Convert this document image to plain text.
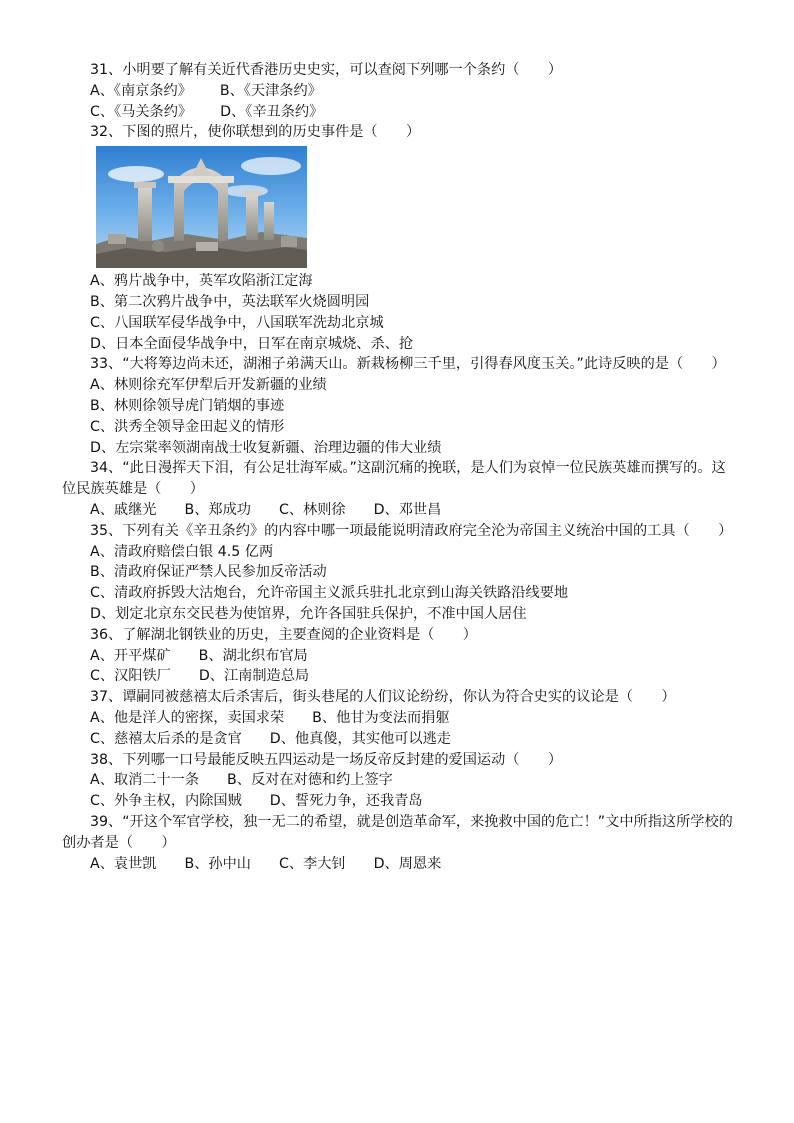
31、小明要了解有关近代香港历史史实，可以查阅下列哪一个条约（　　）
A、《南京条约》 B、《天津条约》
C、《马关条约》 D、《辛丑条约》
32、下图的照片，使你联想到的历史事件是（　　）
A、鸦片战争中，英军攻陷浙江定海
B、第二次鸦片战争中，英法联军火烧圆明园
C、八国联军侵华战争中，八国联军洗劫北京城
D、日本全面侵华战争中，日军在南京城烧、杀、抢
33、“大将筹边尚未还，湖湘子弟满天山。新栽杨柳三千里，引得春风度玉关。”此诗反映的是（　　）
A、林则徐充军伊犁后开发新疆的业绩
B、林则徐领导虎门销烟的事迹
C、洪秀全领导金田起义的情形
D、左宗棠率领湖南战士收复新疆、治理边疆的伟大业绩
34、“此日漫挥天下泪，有公足壮海军威。”这副沉痛的挽联，是人们为哀悼一位民族英雄而撰写的。这位民族英雄是（　　）
A、戚继光 B、郑成功 C、林则徐 D、邓世昌
35、下列有关《辛丑条约》的内容中哪一项最能说明清政府完全沦为帝国主义统治中国的工具（　　）
A、清政府赔偿白银 4.5 亿两
B、清政府保证严禁人民参加反帝活动
C、清政府拆毁大沽炮台，允许帝国主义派兵驻扎北京到山海关铁路沿线要地
D、划定北京东交民巷为使馆界，允许各国驻兵保护，不准中国人居住
36、了解湖北钢铁业的历史，主要查阅的企业资料是（　　）
A、开平煤矿 B、湖北织布官局
C、汉阳铁厂 D、江南制造总局
37、谭嗣同被慈禧太后杀害后，街头巷尾的人们议论纷纷，你认为符合史实的议论是（　　）
A、他是洋人的密探，卖国求荣 B、他甘为变法而捐躯
C、慈禧太后杀的是贪官 D、他真傻，其实他可以逃走
38、下列哪一口号最能反映五四运动是一场反帝反封建的爱国运动（　　）
A、取消二十一条 B、反对在对德和约上签字
C、外争主权，内除国贼 D、誓死力争，还我青岛
39、“开这个军官学校，独一无二的希望，就是创造革命军，来挽救中国的危亡！”文中所指这所学校的创办者是（　　）
A、袁世凯 B、孙中山 C、李大钊 D、周恩来
